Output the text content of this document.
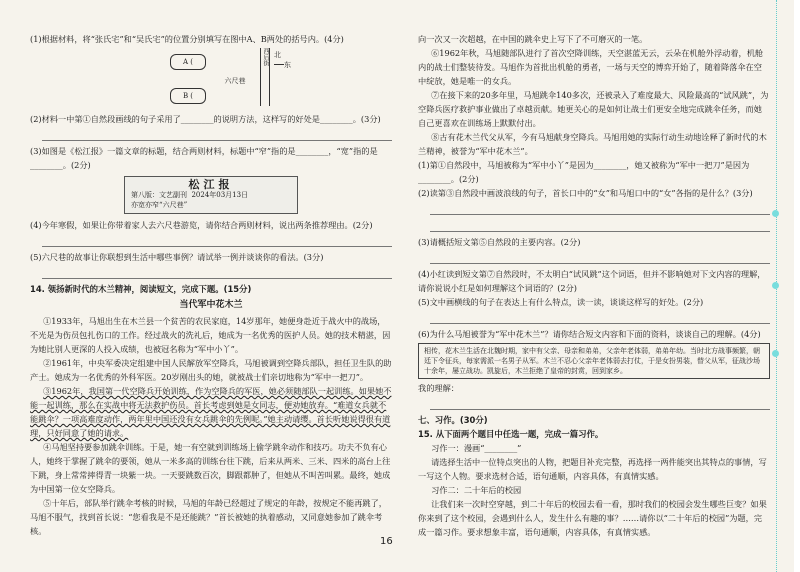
(1)根据材料，将“张氏宅”和“吴氏宅”的位置分别填写在图中A、B两处的括号内。(4分)

A (
B (
六尺巷
西后街 北
东

(2)材料一中第①自然段画线的句子采用了________的说明方法，这样写的好处是________。(3分)

(3)如图是《松江报》一篇文章的标题，结合两则材料，标题中“窄”指的是________，“宽”指的是________。(2分)

松江报
第八版：文艺副刊 2024年03月13日
亦宽亦窄“六尺巷”

(4)今年寒假，如果让你带着家人去六尺巷游览，请你结合两则材料，说出两条推荐理由。(2分)

(5)六尺巷的故事让你联想到生活中哪些事例？请试举一例并谈谈你的看法。(3分)

14. 领扬新时代的木兰精神，阅读短文，完成下题。(15分)

当代军中花木兰

①1933年，马旭出生在木兰县一个贫苦的农民家庭，14岁那年，她便身赴近于战火中的战场，不光是为伤员包扎伤口的工作。经过战火的洗礼后，她成为一名优秀的医护人员。她的技术精湛，因为她比别人更深的人投入成绩，也被冠名称为“军中小丫”。

②1961年，中央军委决定组建中国人民解放军空降兵，马旭被调到空降兵部队，担任卫生队的助产士。她成为一名优秀的外科军医。20岁刚出头的她，就被战士们亲切地称为“军中一把刀”。

③1962年，我国第一代空降兵开始训练，作为空降兵的军医，她必须随部队一起训练。如果她不能一起训练，那么在实战中将无法救护伤员。首长考虑到她是女同志，便劝她放弃。“难道女兵就不能跳伞？一项高难度动作，两年里中国还没有女兵跳伞的先例呢。”她主动请缨。首长听她说得很有道理，只好同意了她的请求。

④马旭坚持要参加跳伞训练。于是，她一有空就到训练场上偷学跳伞动作和技巧。功夫不负有心人，她终于掌握了跳伞的要领，她从一米多高的训练台往下跳，后来从两米、三米、四米的高台上往下跳，身上常常摔得青一块紫一块。一天要跳数百次，脚跟都肿了，但她从不叫苦叫累。最终，她成为中国第一位女空降兵。

⑤十年后，部队举行跳伞考核的时候，马旭的年龄已经超过了规定的年龄，按规定不能再跳了，马旭不服气，找到首长说：“您看我是不是还能跳？”首长被她的执着感动，又同意她参加了跳伞考核。

向一次又一次超越，在中国的跳伞史上写下了不可磨灭的一笔。

⑥1962年秋，马旭随部队进行了首次空降训练，天空湛蓝无云，云朵在机舱外浮动着，机舱内的战士们整装待发。马旭作为首批出机舱的勇者，一场与天空的博弈开始了，随着降落伞在空中绽放，她是唯一的女兵。

⑦在接下来的20多年里，马旭跳伞140多次，还被录入了难度最大、风险最高的“试风跳”，为空降兵医疗救护事业做出了卓越贡献。她更关心的是如何让战士们更安全地完成跳伞任务，而她自己更喜欢在训练场上默默付出。

⑧古有花木兰代父从军，今有马旭献身空降兵。马旭用她的实际行动生动地诠释了新时代的木兰精神，被誉为“军中花木兰”。

(1)第①自然段中，马旭被称为“军中小丫”是因为________，她又被称为“军中一把刀”是因为________。(2分)

(2)读第③自然段中画波浪线的句子，首长口中的“女”和马旭口中的“女”各指的是什么？(3分)

(3)请概括短文第⑤自然段的主要内容。(2分)

(4)小红读到短文第⑦自然段时，不太明白“试风跳”这个词语，但并不影响她对下文内容的理解，请你说说小红是如何理解这个词语的？(2分)

(5)文中画横线的句子在表达上有什么特点，读一读，谈谈这样写的好处。(2分)

(6)为什么马旭被誉为“军中花木兰”？请你结合短文内容和下面的资料，谈谈自己的理解。(4分)

相传，花木兰生活在北魏时期，家中有父亲、母亲和弟弟，父亲年老体弱，弟弟年幼。当时北方战事频繁，朝廷下令征兵，每家需派一名男子从军。木兰不忍心父亲年老体弱去打仗，于是女扮男装，替父从军，征战沙场十余年，屡立战功。凯旋后，木兰拒绝了皇帝的封赏，回到家乡。

我的理解：

七、习作。(30分)

15. 从下面两个题目中任选一题，完成一篇习作。

习作一：漫画“________”

请选择生活中一位特点突出的人物，把题目补充完整，再选择一两件能突出其特点的事情，写一写这个人物。要求选材合适，语句通顺，内容具体，有真情实感。

习作二：二十年后的校园

让我们来一次时空穿越，到二十年后的校园去看一看，那时我们的校园会发生哪些巨变？如果你来到了这个校园，会遇到什么人，发生什么有趣的事？……请你以“二十年后的校园”为题，完成一篇习作。要求想象丰富，语句通顺，内容具体，有真情实感。

16
